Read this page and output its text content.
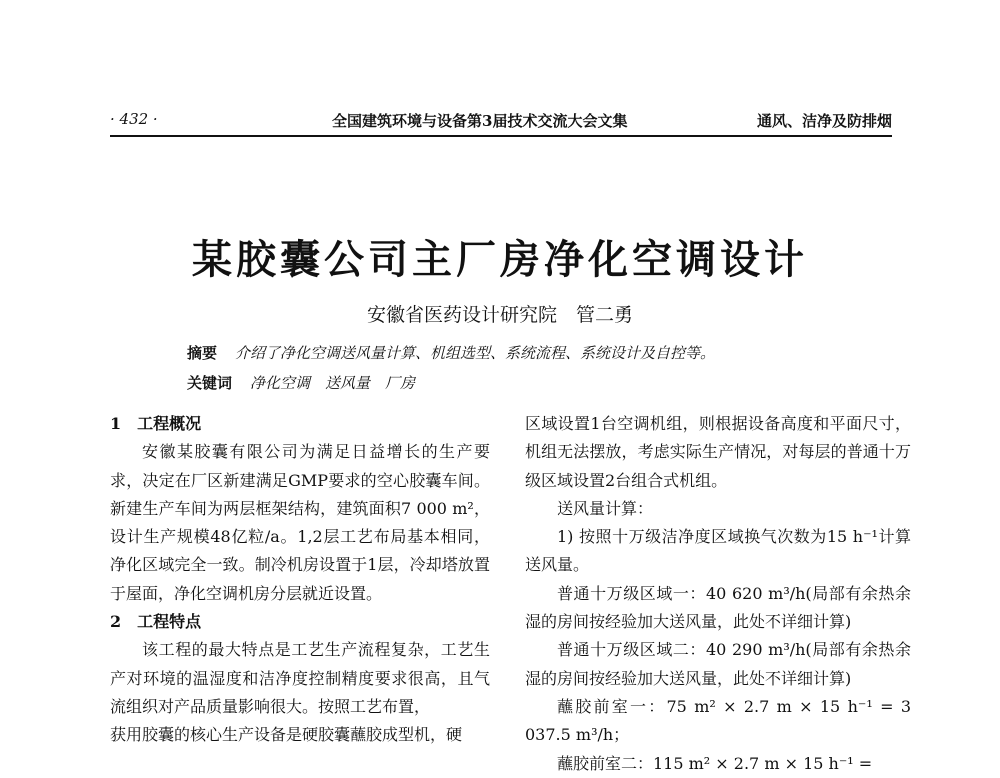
· 432 ·	全国建筑环境与设备第3届技术交流大会文集	通风、洁净及防排烟
某胶囊公司主厂房净化空调设计
安徽省医药设计研究院　管二勇
摘要 介绍了净化空调送风量计算、机组选型、系统流程、系统设计及自控等。
关键词 净化空调　送风量　厂房
1　工程概况

安徽某胶囊有限公司为满足日益增长的生产要求，决定在厂区新建满足GMP要求的空心胶囊车间。新建生产车间为两层框架结构，建筑面积7 000 m²，设计生产规模48亿粒/a。1,2层工艺布局基本相同，净化区域完全一致。制冷机房设置于1层，冷却塔放置于屋面，净化空调机房分层就近设置。

2　工程特点

该工程的最大特点是工艺生产流程复杂，工艺生产对环境的温湿度和洁净度控制精度要求很高，且气流组织对产品质量影响很大。按照工艺布置，

获用胶囊的核心生产设备是硬胶囊蘸胶成型机，硬

区域设置1台空调机组，则根据设备高度和平面尺寸，机组无法摆放，考虑实际生产情况，对每层的普通十万级区域设置2台组合式机组。

送风量计算：

1) 按照十万级洁净度区域换气次数为15 h⁻¹计算送风量。

普通十万级区域一：40 620 m³/h(局部有余热余湿的房间按经验加大送风量，此处不详细计算)

普通十万级区域二：40 290 m³/h(局部有余热余湿的房间按经验加大送风量，此处不详细计算)

蘸胶前室一：75 m² × 2.7 m × 15 h⁻¹ = 3 037.5 m³/h；

蘸胶前室二：115 m² × 2.7 m × 15 h⁻¹ =
